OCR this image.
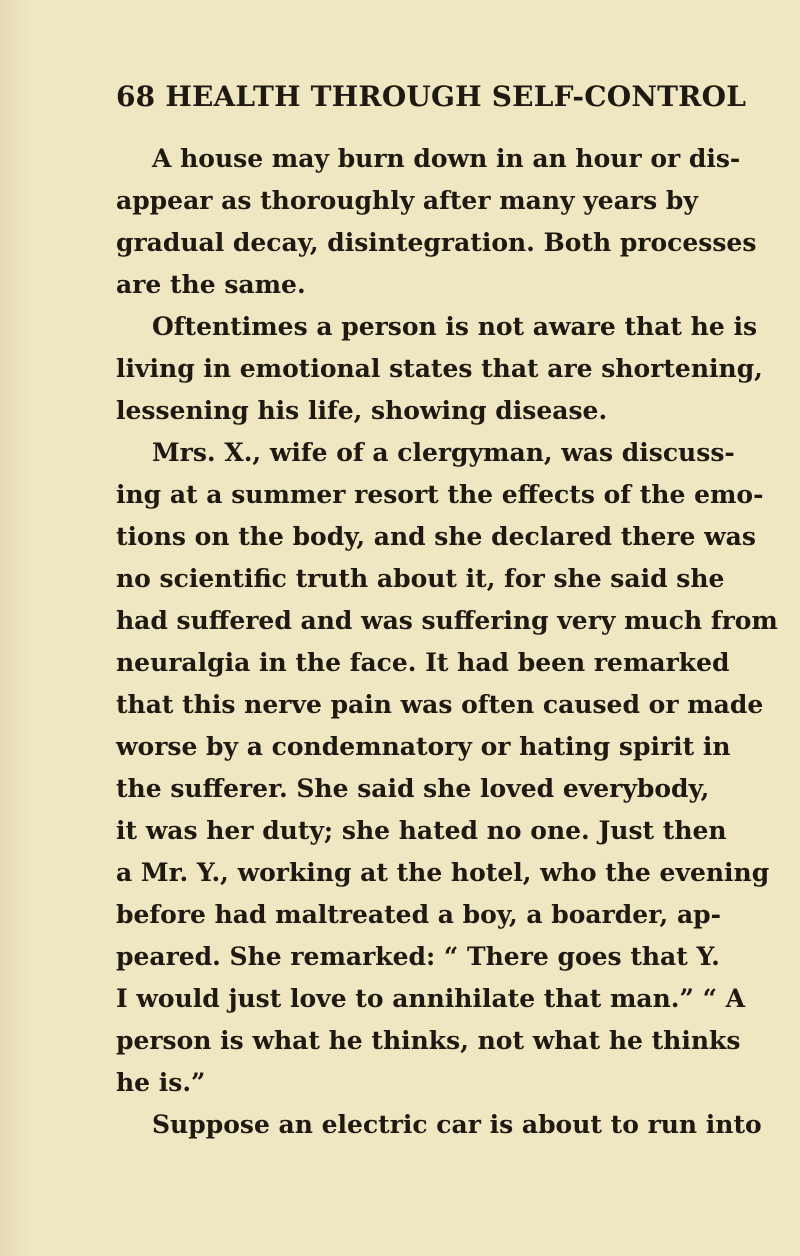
68 HEALTH THROUGH SELF-CONTROL
A house may burn down in an hour or dis-
appear as thoroughly after many years by
gradual decay, disintegration. Both processes
are the same.
Oftentimes a person is not aware that he is
living in emotional states that are shortening,
lessening his life, showing disease.
Mrs. X., wife of a clergyman, was discuss-
ing at a summer resort the effects of the emo-
tions on the body, and she declared there was
no scientific truth about it, for she said she
had suffered and was suffering very much from
neuralgia in the face. It had been remarked
that this nerve pain was often caused or made
worse by a condemnatory or hating spirit in
the sufferer. She said she loved everybody,
it was her duty; she hated no one. Just then
a Mr. Y., working at the hotel, who the evening
before had maltreated a boy, a boarder, ap-
peared. She remarked: “ There goes that Y.
I would just love to annihilate that man.” “ A
person is what he thinks, not what he thinks
he is.”
Suppose an electric car is about to run into
